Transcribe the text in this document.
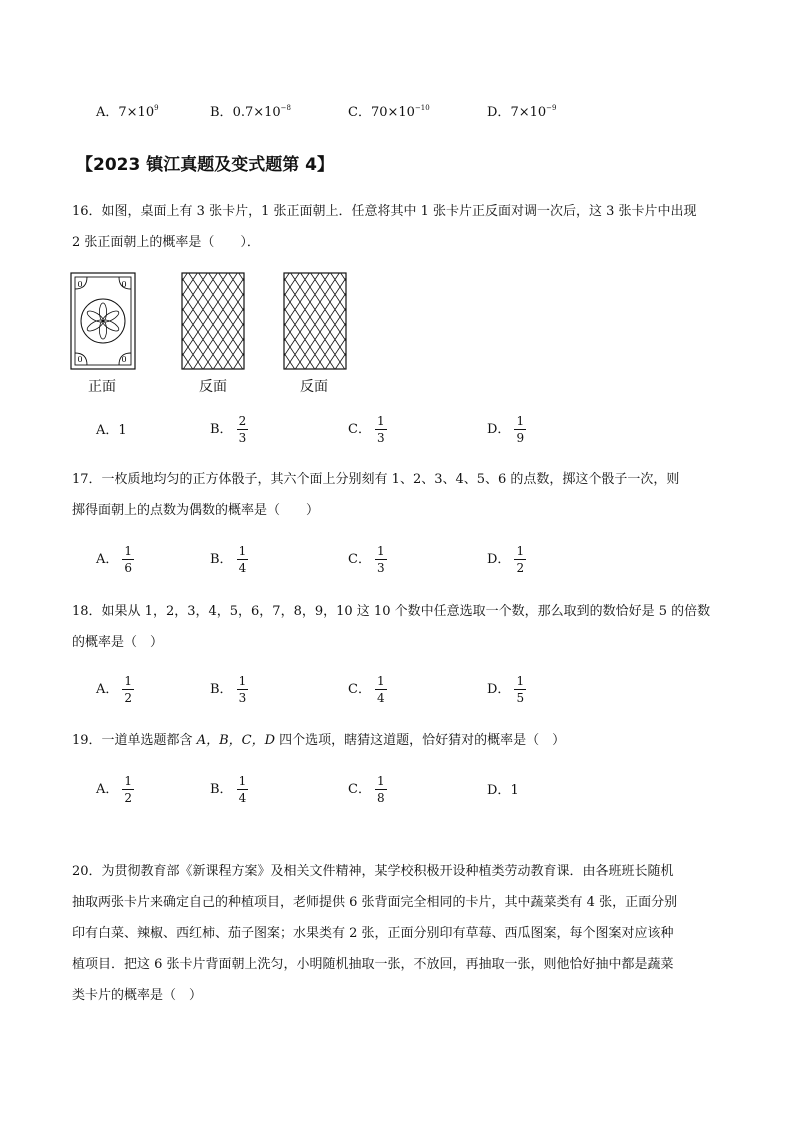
A．$7\times 10^9$	B．$0.7\times 10^{-8}$	C．$70\times 10^{-10}$	D．$7\times 10^{-9}$
【2023 镇江真题及变式题第 4】

16．如图，桌面上有 3 张卡片，1 张正面朝上．任意将其中 1 张卡片正反面对调一次后，这 3 张卡片中出现

2 张正面朝上的概率是（　　）．

0	0
0	0
正面	反面	反面
A．1	B． $\frac{2}{3}$	C． $\frac{1}{3}$	D． $\frac{1}{9}$

17．一枚质地均匀的正方体骰子，其六个面上分别刻有 1、2、3、4、5、6 的点数，掷这个骰子一次，则

掷得面朝上的点数为偶数的概率是（　　）

A． $\frac{1}{6}$	B． $\frac{1}{4}$	C． $\frac{1}{3}$	D． $\frac{1}{2}$

18．如果从 1，2，3，4，5，6，7，8，9，10 这 10 个数中任意选取一个数，那么取到的数恰好是 5 的倍数

的概率是（　）

A． $\frac{1}{2}$	B． $\frac{1}{3}$	C． $\frac{1}{4}$	D． $\frac{1}{5}$

19．一道单选题都含 A，B，C，D 四个选项，瞎猜这道题，恰好猜对的概率是（　）

A． $\frac{1}{2}$	B． $\frac{1}{4}$	C． $\frac{1}{8}$	D．1

20．为贯彻教育部《新课程方案》及相关文件精神，某学校积极开设种植类劳动教育课．由各班班长随机

抽取两张卡片来确定自己的种植项目，老师提供 6 张背面完全相同的卡片，其中蔬菜类有 4 张，正面分别

印有白菜、辣椒、西红柿、茄子图案；水果类有 2 张，正面分别印有草莓、西瓜图案，每个图案对应该种

植项目．把这 6 张卡片背面朝上洗匀，小明随机抽取一张，不放回，再抽取一张，则他恰好抽中都是蔬菜

类卡片的概率是（　）
